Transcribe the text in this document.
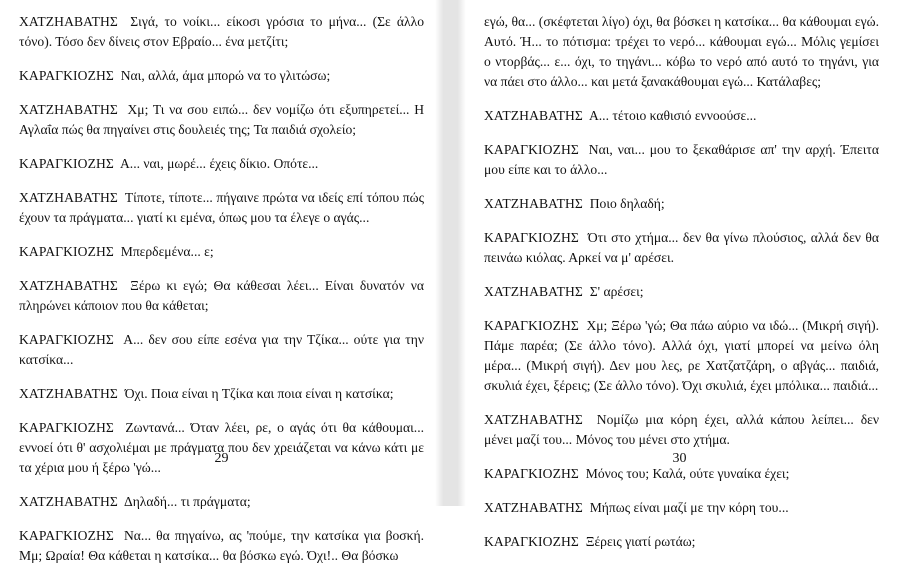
ΧΑΤΖΗΑΒΑΤΗΣ Σιγά, το νοίκι... είκοσι γρόσια το μήνα... (Σε άλλο τόνο). Τόσο δεν δίνεις στον Εβραίο... ένα μετζίτι;

ΚΑΡΑΓΚΙΟΖΗΣ Ναι, αλλά, άμα μπορώ να το γλιτώσω;

ΧΑΤΖΗΑΒΑΤΗΣ Χμ; Τι να σου ειπώ... δεν νομίζω ότι εξυπηρετεί... Η Αγλαΐα πώς θα πηγαίνει στις δουλειές της; Τα παιδιά σχολείο;

ΚΑΡΑΓΚΙΟΖΗΣ Α... ναι, μωρέ... έχεις δίκιο. Οπότε...

ΧΑΤΖΗΑΒΑΤΗΣ Τίποτε, τίποτε... πήγαινε πρώτα να ιδείς επί τόπου πώς έχουν τα πράγματα... γιατί κι εμένα, όπως μου τα έλεγε ο αγάς...

ΚΑΡΑΓΚΙΟΖΗΣ Μπερδεμένα... ε;

ΧΑΤΖΗΑΒΑΤΗΣ Ξέρω κι εγώ; Θα κάθεσαι λέει... Είναι δυνατόν να πληρώνει κάποιον που θα κάθεται;

ΚΑΡΑΓΚΙΟΖΗΣ Α... δεν σου είπε εσένα για την Τζίκα... ούτε για την κατσίκα...

ΧΑΤΖΗΑΒΑΤΗΣ Όχι. Ποια είναι η Τζίκα και ποια είναι η κατσίκα;

ΚΑΡΑΓΚΙΟΖΗΣ Ζωντανά... Όταν λέει, ρε, ο αγάς ότι θα κάθουμαι... εννοεί ότι θ' ασχολιέμαι με πράγματα που δεν χρειάζεται να κάνω κάτι με τα χέρια μου ή ξέρω 'γώ...

ΧΑΤΖΗΑΒΑΤΗΣ Δηλαδή... τι πράγματα;

ΚΑΡΑΓΚΙΟΖΗΣ Να... θα πηγαίνω, ας 'πούμε, την κατσίκα για βοσκή. Μμ; Ωραία! Θα κάθεται η κατσίκα... θα βόσκω εγώ. Όχι!.. Θα βόσκω

29

εγώ, θα... (σκέφτεται λίγο) όχι, θα βόσκει η κατσίκα... θα κάθουμαι εγώ. Αυτό. Ή... το πότισμα: τρέχει το νερό... κάθουμαι εγώ... Μόλις γεμίσει ο ντορβάς... ε... όχι, το τηγάνι... κόβω το νερό από αυτό το τηγάνι, για να πάει στο άλλο... και μετά ξανακάθουμαι εγώ... Κατάλαβες;

ΧΑΤΖΗΑΒΑΤΗΣ Α... τέτοιο καθισιό εννοούσε...

ΚΑΡΑΓΚΙΟΖΗΣ Ναι, ναι... μου το ξεκαθάρισε απ' την αρχή. Έπειτα μου είπε και το άλλο...

ΧΑΤΖΗΑΒΑΤΗΣ Ποιο δηλαδή;

ΚΑΡΑΓΚΙΟΖΗΣ Ότι στο χτήμα... δεν θα γίνω πλούσιος, αλλά δεν θα πεινάω κιόλας. Αρκεί να μ' αρέσει.

ΧΑΤΖΗΑΒΑΤΗΣ Σ' αρέσει;

ΚΑΡΑΓΚΙΟΖΗΣ Χμ; Ξέρω 'γώ; Θα πάω αύριο να ιδώ... (Μικρή σιγή). Πάμε παρέα; (Σε άλλο τόνο). Αλλά όχι, γιατί μπορεί να μείνω όλη μέρα... (Μικρή σιγή). Δεν μου λες, ρε Χατζατζάρη, ο αβγάς... παιδιά, σκυλιά έχει, ξέρεις; (Σε άλλο τόνο). Όχι σκυλιά, έχει μπόλικα... παιδιά...

ΧΑΤΖΗΑΒΑΤΗΣ Νομίζω μια κόρη έχει, αλλά κάπου λείπει... δεν μένει μαζί του... Μόνος του μένει στο χτήμα.

ΚΑΡΑΓΚΙΟΖΗΣ Μόνος του; Καλά, ούτε γυναίκα έχει;

ΧΑΤΖΗΑΒΑΤΗΣ Μήπως είναι μαζί με την κόρη του...

ΚΑΡΑΓΚΙΟΖΗΣ Ξέρεις γιατί ρωτάω;

30
